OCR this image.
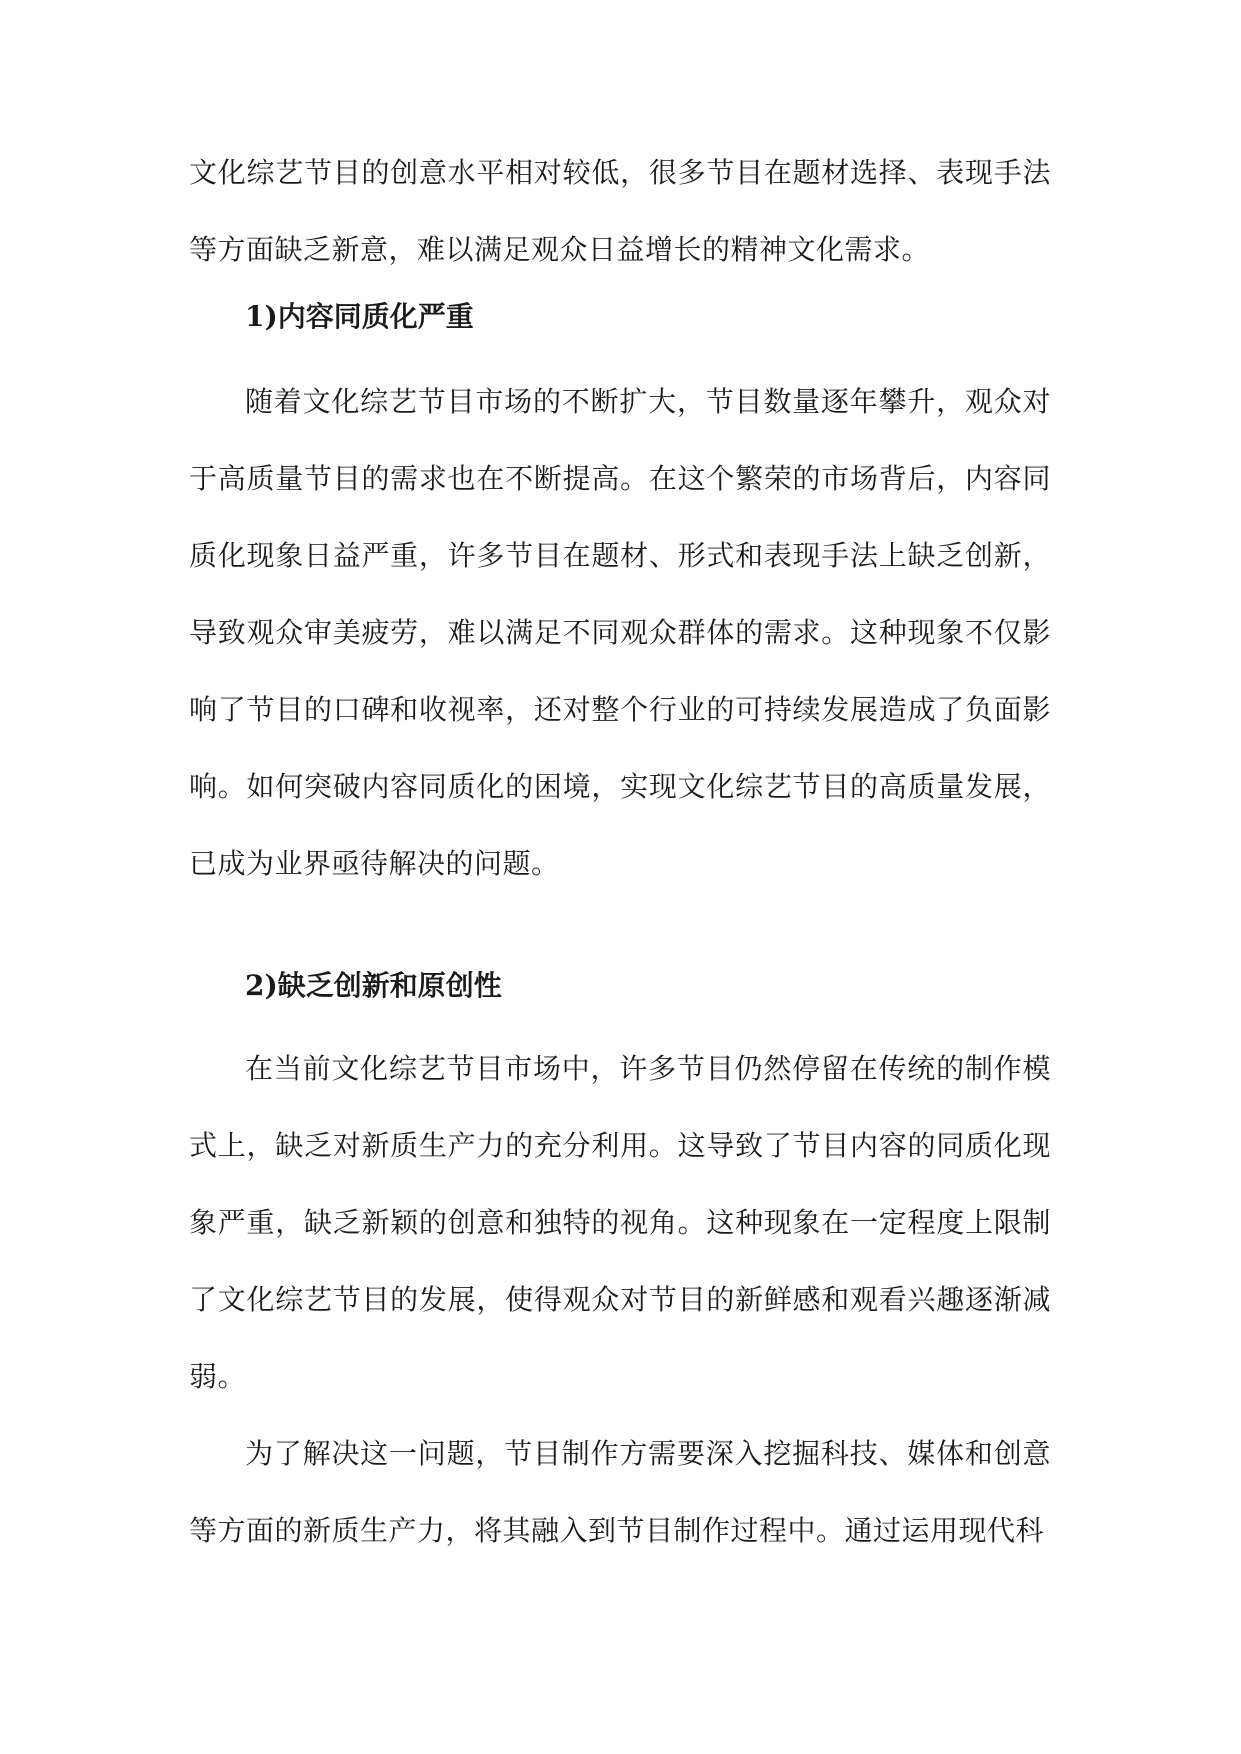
文化综艺节目的创意水平相对较低，很多节目在题材选择、表现手法等方面缺乏新意，难以满足观众日益增长的精神文化需求。

1)内容同质化严重

随着文化综艺节目市场的不断扩大，节目数量逐年攀升，观众对于高质量节目的需求也在不断提高。在这个繁荣的市场背后，内容同质化现象日益严重，许多节目在题材、形式和表现手法上缺乏创新，导致观众审美疲劳，难以满足不同观众群体的需求。这种现象不仅影响了节目的口碑和收视率，还对整个行业的可持续发展造成了负面影响。如何突破内容同质化的困境，实现文化综艺节目的高质量发展，已成为业界亟待解决的问题。

2)缺乏创新和原创性

在当前文化综艺节目市场中，许多节目仍然停留在传统的制作模式上，缺乏对新质生产力的充分利用。这导致了节目内容的同质化现象严重，缺乏新颖的创意和独特的视角。这种现象在一定程度上限制了文化综艺节目的发展，使得观众对节目的新鲜感和观看兴趣逐渐减弱。

为了解决这一问题，节目制作方需要深入挖掘科技、媒体和创意等方面的新质生产力，将其融入到节目制作过程中。通过运用现代科
